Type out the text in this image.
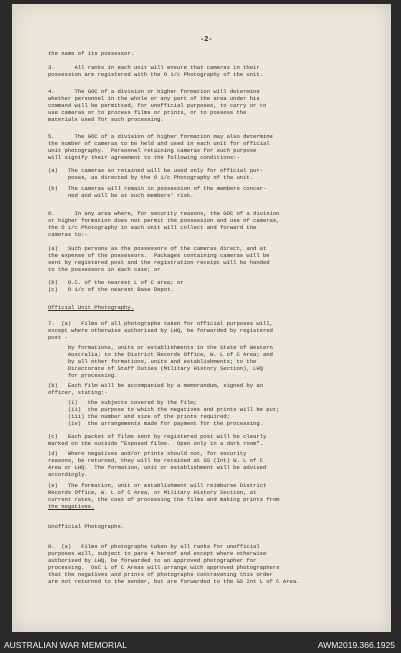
-2-
the name of its possessor.
3.      All ranks in each unit will ensure that cameras in their
possession are registered with the O i/c Photography of the unit.
4.      The GOC of a division or higher formation will determine
whether personnel in the whole or any part of the area under his
command will be permitted, for unofficial purposes, to carry or to
use cameras or to process films or prints, or to possess the
materials used for such processing.
5.      The GOC of a division of higher formation may also determine
the number of cameras to be held and used in each unit for official
unit photography.  Personnel retaining cameras for such purpose
will signify their agreement to the following conditions:-
(a)   The cameras so retained will be used only for official pur-
poses, as directed by the O i/c Photography of the unit.
(b)   The cameras will remain in possession of the members concer-
ned and will be at such members' risk.
6.      In any area where, for security reasons, the GOC of a division
or higher formation does not permit the possession and use of cameras,
the O i/c Photography in each unit will collect and forward the
cameras to:-
(a)   Such persons as the possessors of the cameras direct, and at
the expense of the possessors.  Packages containing cameras will be
sent by registered post and the registration receipt will be handed
to the possessors in each case; or
(b)   O.C. of the nearest L of C area; or
(c)   O i/c of the nearest Base Depot.
Official Unit Photography.
7.  (a)   Films of all photographs taken for official purposes will,
except where otherwise authorised by LHQ, be forwarded by registered
post -
by formations, units or establishments in the State of Western
Australia; to the District Records Office, W. L of C Area; and
by all other formations, units and establishments; to the
Directorate of Staff Duties (Military History Section), LHQ
for processing.
(b)   Each film will be accompanied by a memorandum, signed by an
officer, stating:-
(i)   the subjects covered by the film;
(ii)  the purpose to which the negatives and prints will be put;
(iii) the number and size of the prints required;
(iv)  the arrangements made for payment for the processing.
(c)   Each packet of films sent by registered post will be clearly
marked on the outside "Exposed films.  Open only in a dark room".
(d)   Where negatives and/or prints should not, for security
reasons, be returned, they will be retained at GS (Int) W. L of C
Area or LHQ.  The formation, unit or establishment will be advised
accordingly.
(e)   The formation, unit or establishment will reimburse District
Records Office, W. L of C Area, or Military History Section, at
current rates, the cost of processing the films and making prints from
the negatives.
Unofficial Photographs.
8.  (a)   Films of photographs taken by all ranks for unofficial
purposes will, subject to para 4 hereof and except where otherwise
authorised by LHQ, be forwarded to an approved photographer for
processing.  OsC L of C Areas will arrange with approved photographers
that the negatives and prints of photographs contravening this order
are not returned to the sender, but are forwarded to the GS Int L of C Area.
AUSTRALIAN WAR MEMORIAL	AWM2019.366.1925
